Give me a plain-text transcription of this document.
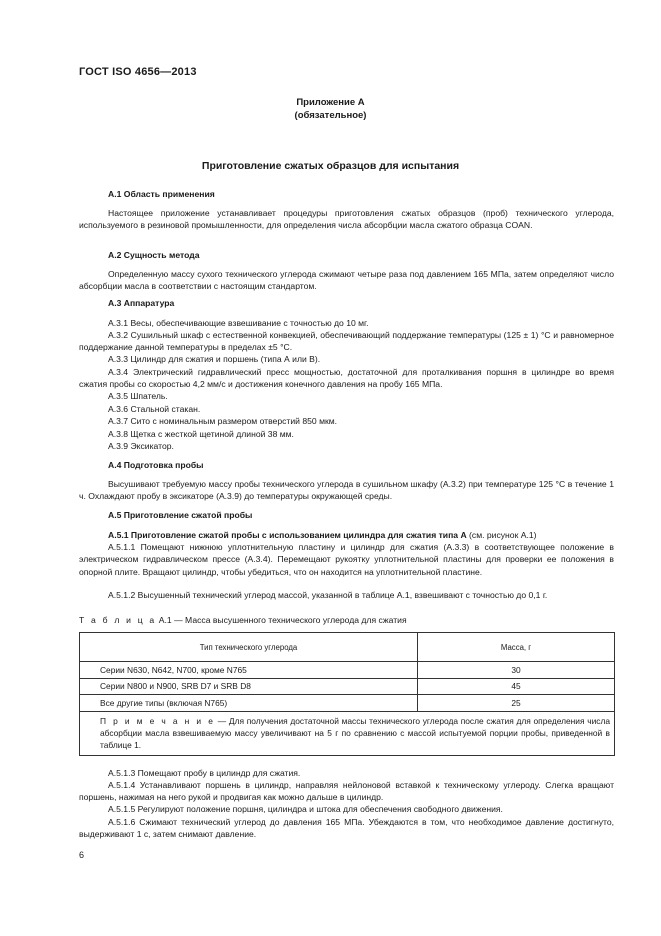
ГОСТ ISO 4656—2013
Приложение А
(обязательное)
Приготовление сжатых образцов для испытания
А.1 Область применения
Настоящее приложение устанавливает процедуры приготовления сжатых образцов (проб) технического углерода, используемого в резиновой промышленности, для определения числа абсорбции масла сжатого образца COAN.
А.2 Сущность метода
Определенную массу сухого технического углерода сжимают четыре раза под давлением 165 МПа, затем определяют число абсорбции масла в соответствии с настоящим стандартом.
А.3 Аппаратура
А.3.1 Весы, обеспечивающие взвешивание с точностью до 10 мг.
А.3.2 Сушильный шкаф с естественной конвекцией, обеспечивающий поддержание температуры (125 ± 1) °С и равномерное поддержание данной температуры в пределах ±5 °С.
А.3.3 Цилиндр для сжатия и поршень (типа А или В).
А.3.4 Электрический гидравлический пресс мощностью, достаточной для проталкивания поршня в цилиндре во время сжатия пробы со скоростью 4,2 мм/с и достижения конечного давления на пробу 165 МПа.
А.3.5 Шпатель.
А.3.6 Стальной стакан.
А.3.7 Сито с номинальным размером отверстий 850 мкм.
А.3.8 Щетка с жесткой щетиной длиной 38 мм.
А.3.9 Эксикатор.
А.4 Подготовка пробы
Высушивают требуемую массу пробы технического углерода в сушильном шкафу (А.3.2) при температуре 125 °С в течение 1 ч. Охлаждают пробу в эксикаторе (А.3.9) до температуры окружающей среды.
А.5 Приготовление сжатой пробы
А.5.1 Приготовление сжатой пробы с использованием цилиндра для сжатия типа А (см. рисунок А.1)
А.5.1.1 Помещают нижнюю уплотнительную пластину и цилиндр для сжатия (А.3.3) в соответствующее положение в электрическом гидравлическом прессе (А.3.4). Перемещают рукоятку уплотнительной пластины для проверки ее положения в опорной плите. Вращают цилиндр, чтобы убедиться, что он находится на уплотнительной пластине.
А.5.1.2 Высушенный технический углерод массой, указанной в таблице А.1, взвешивают с точностью до 0,1 г.
Т а б л и ц а А.1 — Масса высушенного технического углерода для сжатия
Тип технического углерода	Масса, г
Серии N630, N642, N700, кроме N765	30
Серии N800 и N900, SRB D7 и SRB D8	45
Все другие типы (включая N765)	25
П р и м е ч а н и е — Для получения достаточной массы технического углерода после сжатия для определения числа абсорбции масла взвешиваемую массу увеличивают на 5 г по сравнению с массой испытуемой порции пробы, приведенной в таблице 1.	
А.5.1.3 Помещают пробу в цилиндр для сжатия.
А.5.1.4 Устанавливают поршень в цилиндр, направляя нейлоновой вставкой к техническому углероду. Слегка вращают поршень, нажимая на него рукой и продвигая как можно дальше в цилиндр.
А.5.1.5 Регулируют положение поршня, цилиндра и штока для обеспечения свободного движения.
А.5.1.6 Сжимают технический углерод до давления 165 МПа. Убеждаются в том, что необходимое давление достигнуто, выдерживают 1 с, затем снимают давление.
6
